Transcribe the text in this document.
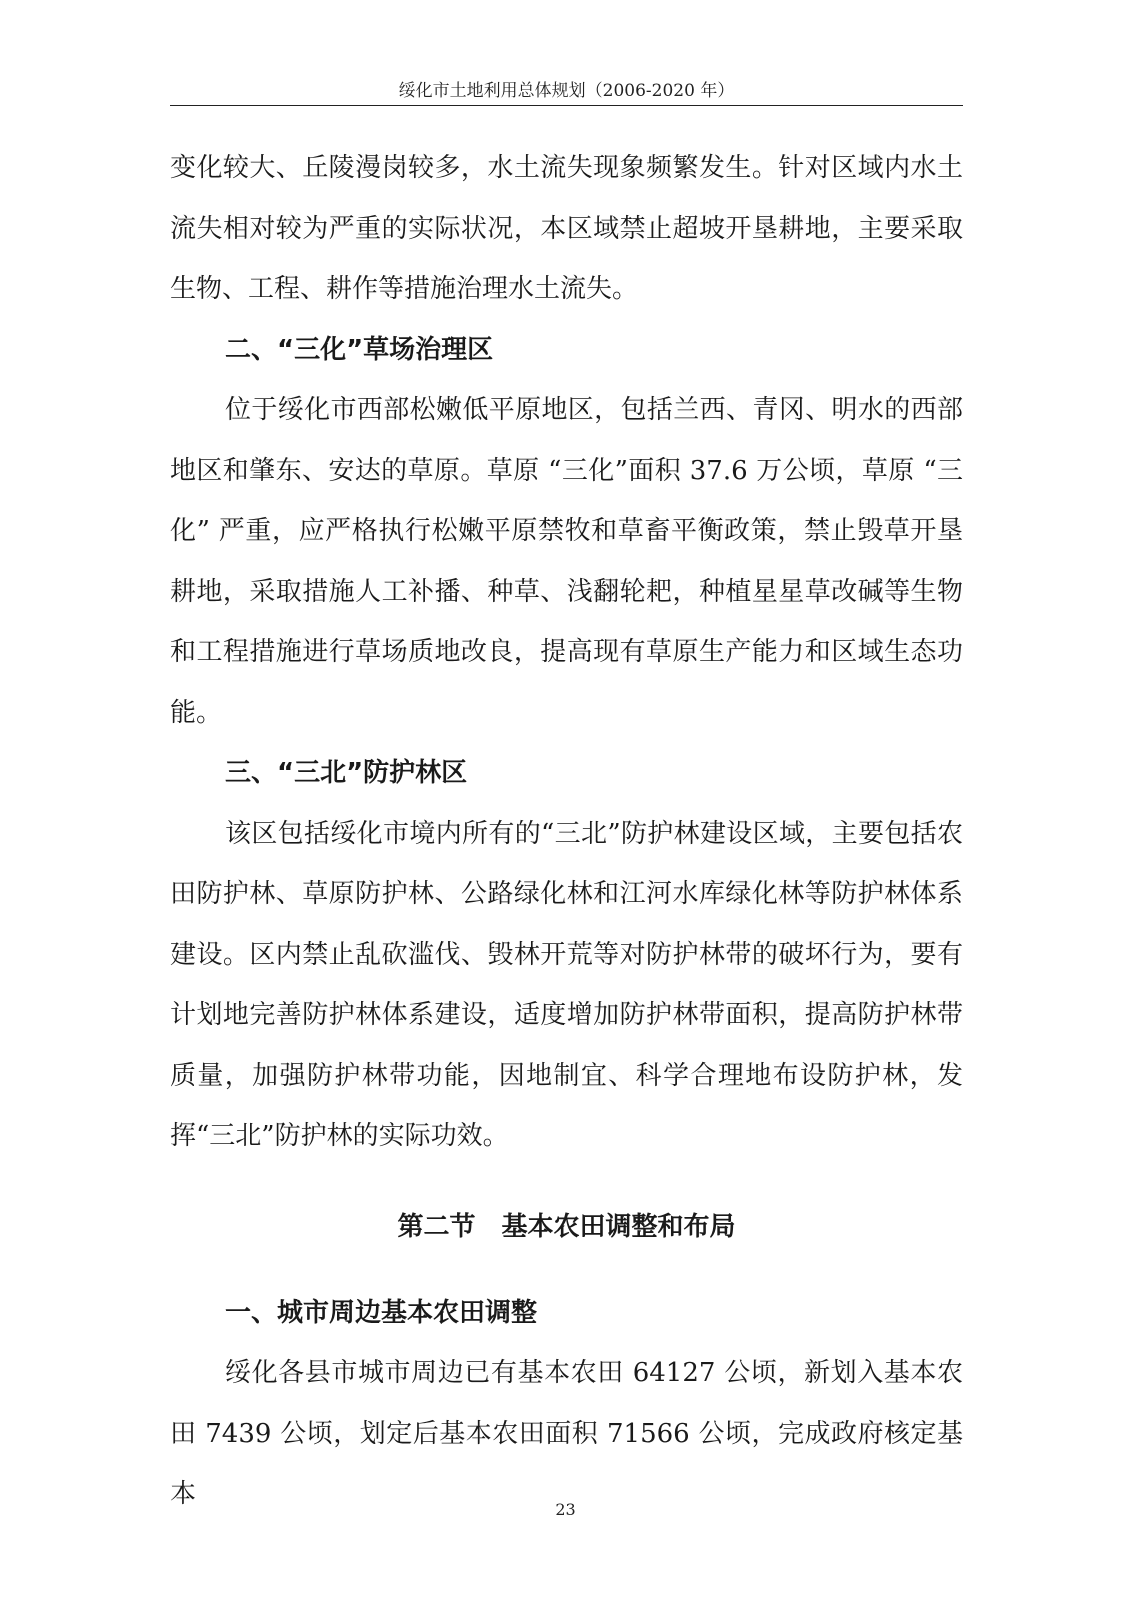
绥化市土地利用总体规划（2006-2020 年）

变化较大、丘陵漫岗较多，水土流失现象频繁发生。针对区域内水土流失相对较为严重的实际状况，本区域禁止超坡开垦耕地，主要采取生物、工程、耕作等措施治理水土流失。

二、“三化”草场治理区

位于绥化市西部松嫩低平原地区，包括兰西、青冈、明水的西部地区和肇东、安达的草原。草原 “三化”面积 37.6 万公顷，草原 “三化” 严重，应严格执行松嫩平原禁牧和草畜平衡政策，禁止毁草开垦耕地，采取措施人工补播、种草、浅翻轮耙，种植星星草改碱等生物和工程措施进行草场质地改良，提高现有草原生产能力和区域生态功能。

三、“三北”防护林区

该区包括绥化市境内所有的“三北”防护林建设区域，主要包括农田防护林、草原防护林、公路绿化林和江河水库绿化林等防护林体系建设。区内禁止乱砍滥伐、毁林开荒等对防护林带的破坏行为，要有计划地完善防护林体系建设，适度增加防护林带面积，提高防护林带质量，加强防护林带功能，因地制宜、科学合理地布设防护林，发挥“三北”防护林的实际功效。

第二节　基本农田调整和布局

一、城市周边基本农田调整

绥化各县市城市周边已有基本农田 64127 公顷，新划入基本农田 7439 公顷，划定后基本农田面积 71566 公顷，完成政府核定基本

23
